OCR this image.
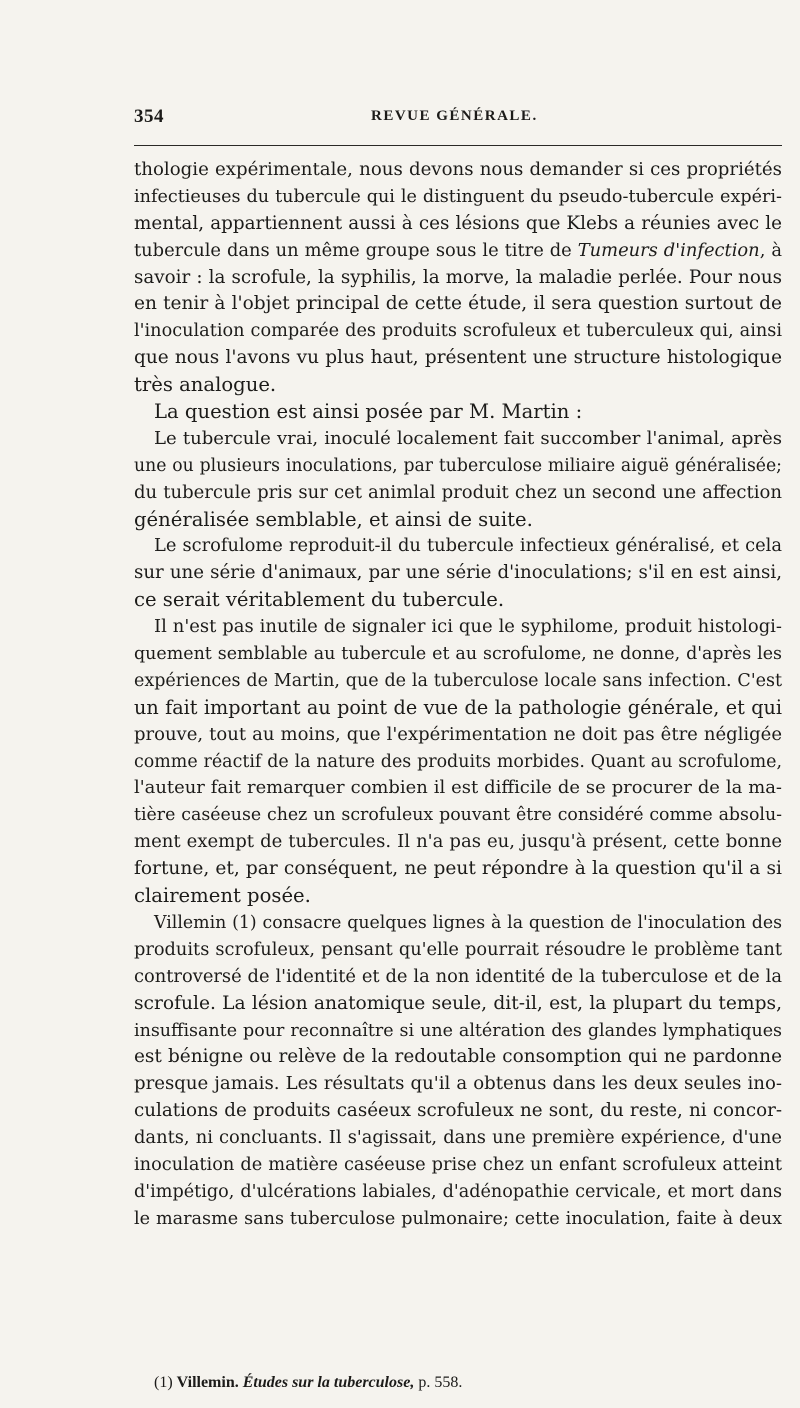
354	REVUE GÉNÉRALE.
thologie expérimentale, nous devons nous demander si ces propriétés
infectieuses du tubercule qui le distinguent du pseudo-tubercule expéri-
mental, appartiennent aussi à ces lésions que Klebs a réunies avec le
tubercule dans un même groupe sous le titre de Tumeurs d'infection, à
savoir : la scrofule, la syphilis, la morve, la maladie perlée. Pour nous
en tenir à l'objet principal de cette étude, il sera question surtout de
l'inoculation comparée des produits scrofuleux et tuberculeux qui, ainsi
que nous l'avons vu plus haut, présentent une structure histologique
très analogue.
La question est ainsi posée par M. Martin :
Le tubercule vrai, inoculé localement fait succomber l'animal, après
une ou plusieurs inoculations, par tuberculose miliaire aiguë généralisée;
du tubercule pris sur cet animlal produit chez un second une affection
généralisée semblable, et ainsi de suite.
Le scrofulome reproduit-il du tubercule infectieux généralisé, et cela
sur une série d'animaux, par une série d'inoculations; s'il en est ainsi,
ce serait véritablement du tubercule.
Il n'est pas inutile de signaler ici que le syphilome, produit histologi-
quement semblable au tubercule et au scrofulome, ne donne, d'après les
expériences de Martin, que de la tuberculose locale sans infection. C'est
un fait important au point de vue de la pathologie générale, et qui
prouve, tout au moins, que l'expérimentation ne doit pas être négligée
comme réactif de la nature des produits morbides. Quant au scrofulome,
l'auteur fait remarquer combien il est difficile de se procurer de la ma-
tière caséeuse chez un scrofuleux pouvant être considéré comme absolu-
ment exempt de tubercules. Il n'a pas eu, jusqu'à présent, cette bonne
fortune, et, par conséquent, ne peut répondre à la question qu'il a si
clairement posée.
Villemin (1) consacre quelques lignes à la question de l'inoculation des
produits scrofuleux, pensant qu'elle pourrait résoudre le problème tant
controversé de l'identité et de la non identité de la tuberculose et de la
scrofule. La lésion anatomique seule, dit-il, est, la plupart du temps,
insuffisante pour reconnaître si une altération des glandes lymphatiques
est bénigne ou relève de la redoutable consomption qui ne pardonne
presque jamais. Les résultats qu'il a obtenus dans les deux seules ino-
culations de produits caséeux scrofuleux ne sont, du reste, ni concor-
dants, ni concluants. Il s'agissait, dans une première expérience, d'une
inoculation de matière caséeuse prise chez un enfant scrofuleux atteint
d'impétigo, d'ulcérations labiales, d'adénopathie cervicale, et mort dans
le marasme sans tuberculose pulmonaire; cette inoculation, faite à deux
(1) Villemin. Études sur la tuberculose, p. 558.
